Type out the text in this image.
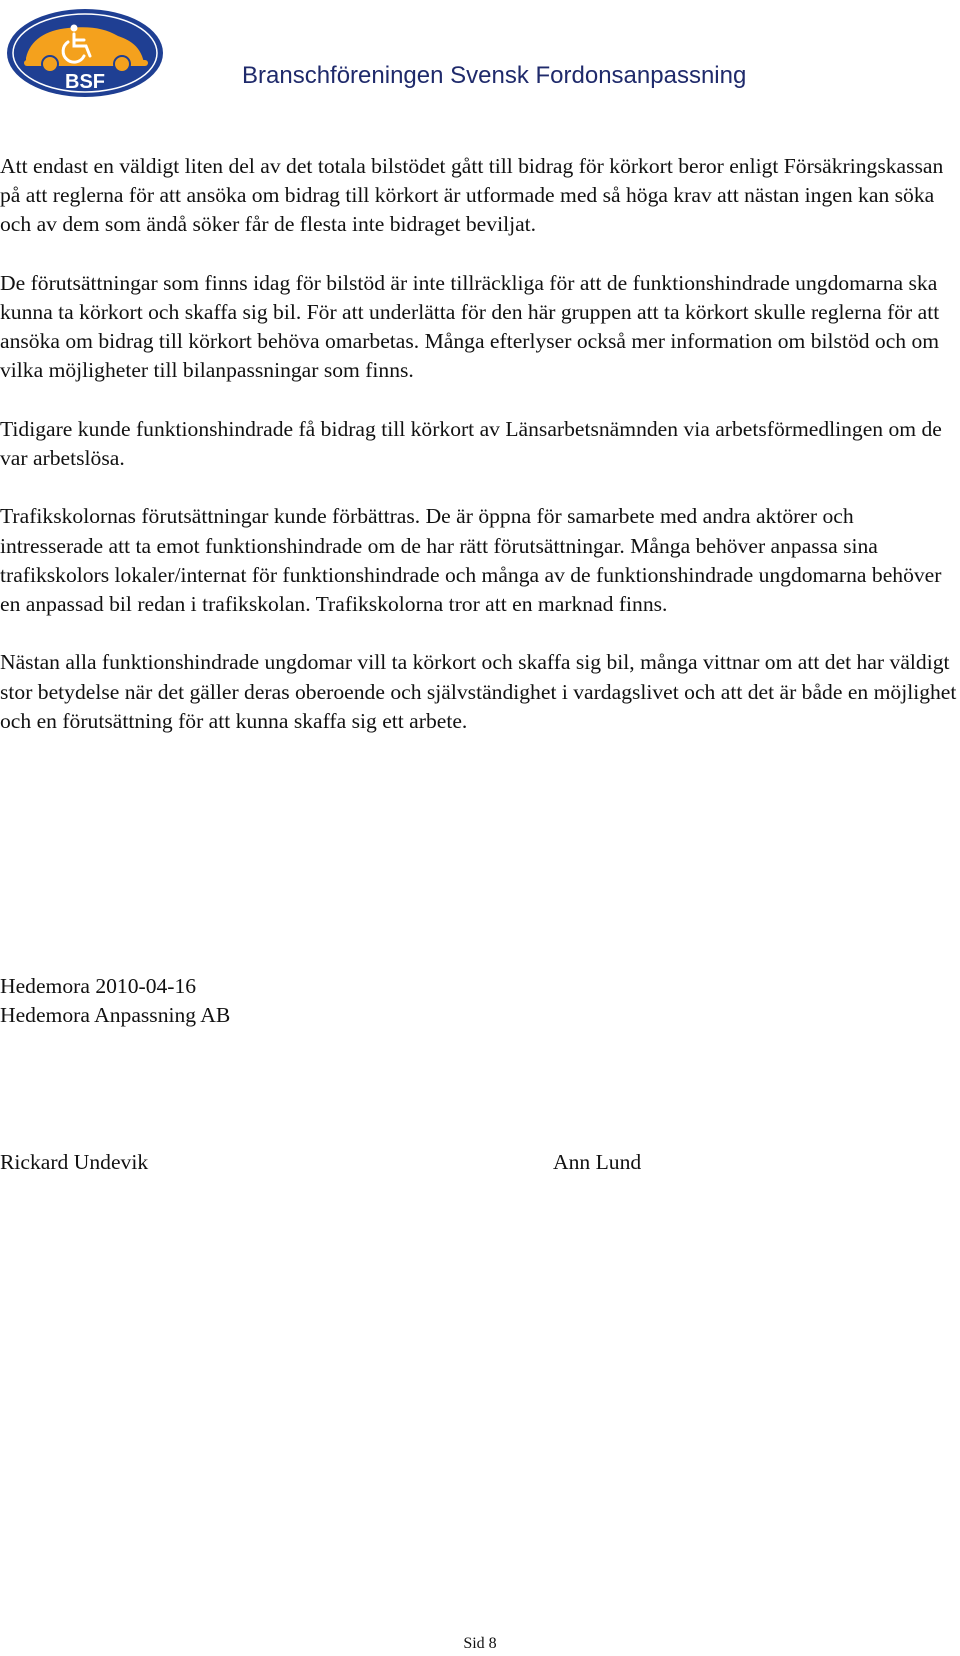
BSF	Branschföreningen Svensk Fordonsanpassning

Att endast en väldigt liten del av det totala bilstödet gått till bidrag för körkort beror enligt Försäkringskassan på att reglerna för att ansöka om bidrag till körkort är utformade med så höga krav att nästan ingen kan söka och av dem som ändå söker får de flesta inte bidraget beviljat.

De förutsättningar som finns idag för bilstöd är inte tillräckliga för att de funktionshindrade ungdomarna ska kunna ta körkort och skaffa sig bil. För att underlätta för den här gruppen att ta körkort skulle reglerna för att ansöka om bidrag till körkort behöva omarbetas. Många efterlyser också mer information om bilstöd och om vilka möjligheter till bilanpassningar som finns.

Tidigare kunde funktionshindrade få bidrag till körkort av Länsarbetsnämnden via arbetsförmedlingen om de var arbetslösa.

Trafikskolornas förutsättningar kunde förbättras. De är öppna för samarbete med andra aktörer och intresserade att ta emot funktionshindrade om de har rätt förutsättningar. Många behöver anpassa sina trafikskolors lokaler/internat för funktionshindrade och många av de funktionshindrade ungdomarna behöver en anpassad bil redan i trafikskolan. Trafikskolorna tror att en marknad finns.

Nästan alla funktionshindrade ungdomar vill ta körkort och skaffa sig bil, många vittnar om att det har väldigt stor betydelse när det gäller deras oberoende och självständighet i vardagslivet och att det är både en möjlighet och en förutsättning för att kunna skaffa sig ett arbete.

Hedemora 2010-04-16
Hedemora Anpassning AB
Rickard Undevik	Ann Lund
Sid 8
